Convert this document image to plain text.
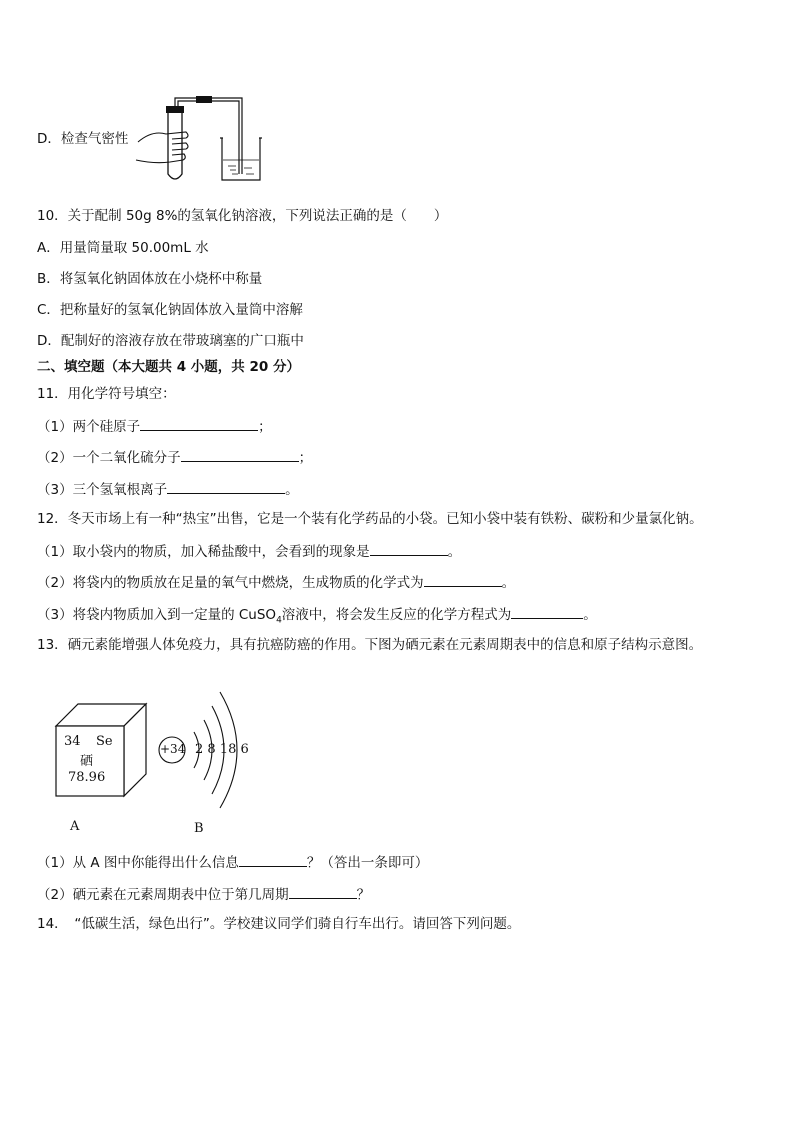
D．检查气密性
10．关于配制 50g 8%的氢氧化钠溶液，下列说法正确的是（　　）
A．用量筒量取 50.00mL 水
B．将氢氧化钠固体放在小烧杯中称量
C．把称量好的氢氧化钠固体放入量筒中溶解
D．配制好的溶液存放在带玻璃塞的广口瓶中
二、填空题（本大题共 4 小题，共 20 分）
11．用化学符号填空：
（1）两个硅原子	；
（2）一个二氧化硫分子	；
（3）三个氢氧根离子	。
12．冬天市场上有一种“热宝”出售，它是一个装有化学药品的小袋。已知小袋中装有铁粉、碳粉和少量氯化钠。
（1）取小袋内的物质，加入稀盐酸中，会看到的现象是	。
（2）将袋内的物质放在足量的氧气中燃烧，生成物质的化学式为	。
（3）将袋内物质加入到一定量的 CuSO$_4$溶液中，将会发生反应的化学方程式为	。
13．硒元素能增强人体免疫力，具有抗癌防癌的作用。下图为硒元素在元素周期表中的信息和原子结构示意图。
34 Se
硒
78.96
A
+34 2 8 18 6
B
（1）从 A 图中你能得出什么信息	？（答出一条即可）
（2）硒元素在元素周期表中位于第几周期	？
14．　“低碳生活，绿色出行”。学校建议同学们骑自行车出行。请回答下列问题。
